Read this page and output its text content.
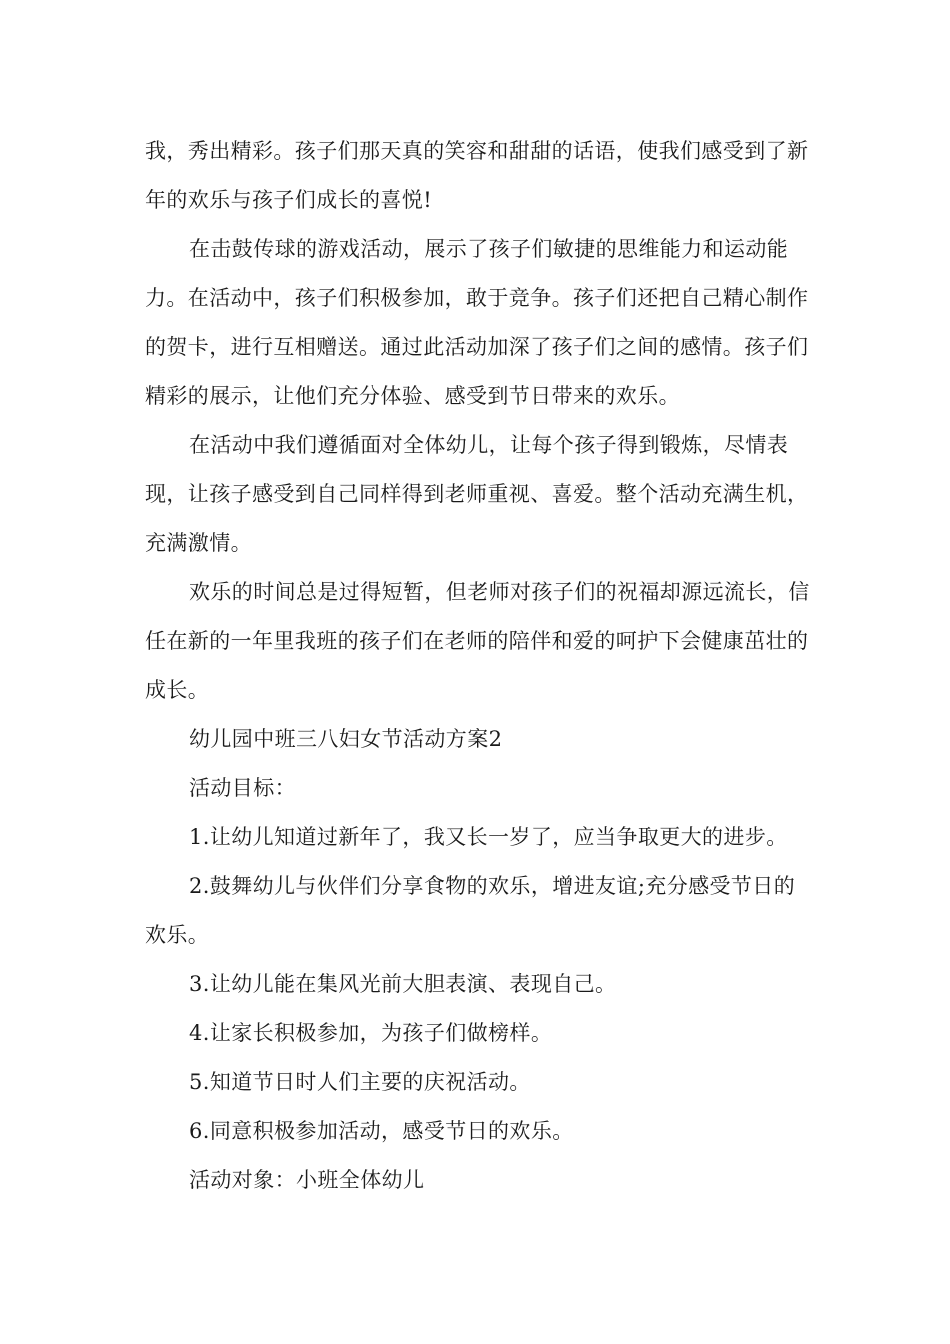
我，秀出精彩。孩子们那天真的笑容和甜甜的话语，使我们感受到了新年的欢乐与孩子们成长的喜悦!

在击鼓传球的游戏活动，展示了孩子们敏捷的思维能力和运动能力。在活动中，孩子们积极参加，敢于竞争。孩子们还把自己精心制作的贺卡，进行互相赠送。通过此活动加深了孩子们之间的感情。孩子们精彩的展示，让他们充分体验、感受到节日带来的欢乐。

在活动中我们遵循面对全体幼儿，让每个孩子得到锻炼，尽情表现，让孩子感受到自己同样得到老师重视、喜爱。整个活动充满生机，充满激情。

欢乐的时间总是过得短暂，但老师对孩子们的祝福却源远流长，信任在新的一年里我班的孩子们在老师的陪伴和爱的呵护下会健康茁壮的成长。

幼儿园中班三八妇女节活动方案2

活动目标：

1.让幼儿知道过新年了，我又长一岁了，应当争取更大的进步。

2.鼓舞幼儿与伙伴们分享食物的欢乐，增进友谊;充分感受节日的欢乐。

3.让幼儿能在集风光前大胆表演、表现自己。

4.让家长积极参加，为孩子们做榜样。

5.知道节日时人们主要的庆祝活动。

6.同意积极参加活动，感受节日的欢乐。

活动对象：小班全体幼儿
